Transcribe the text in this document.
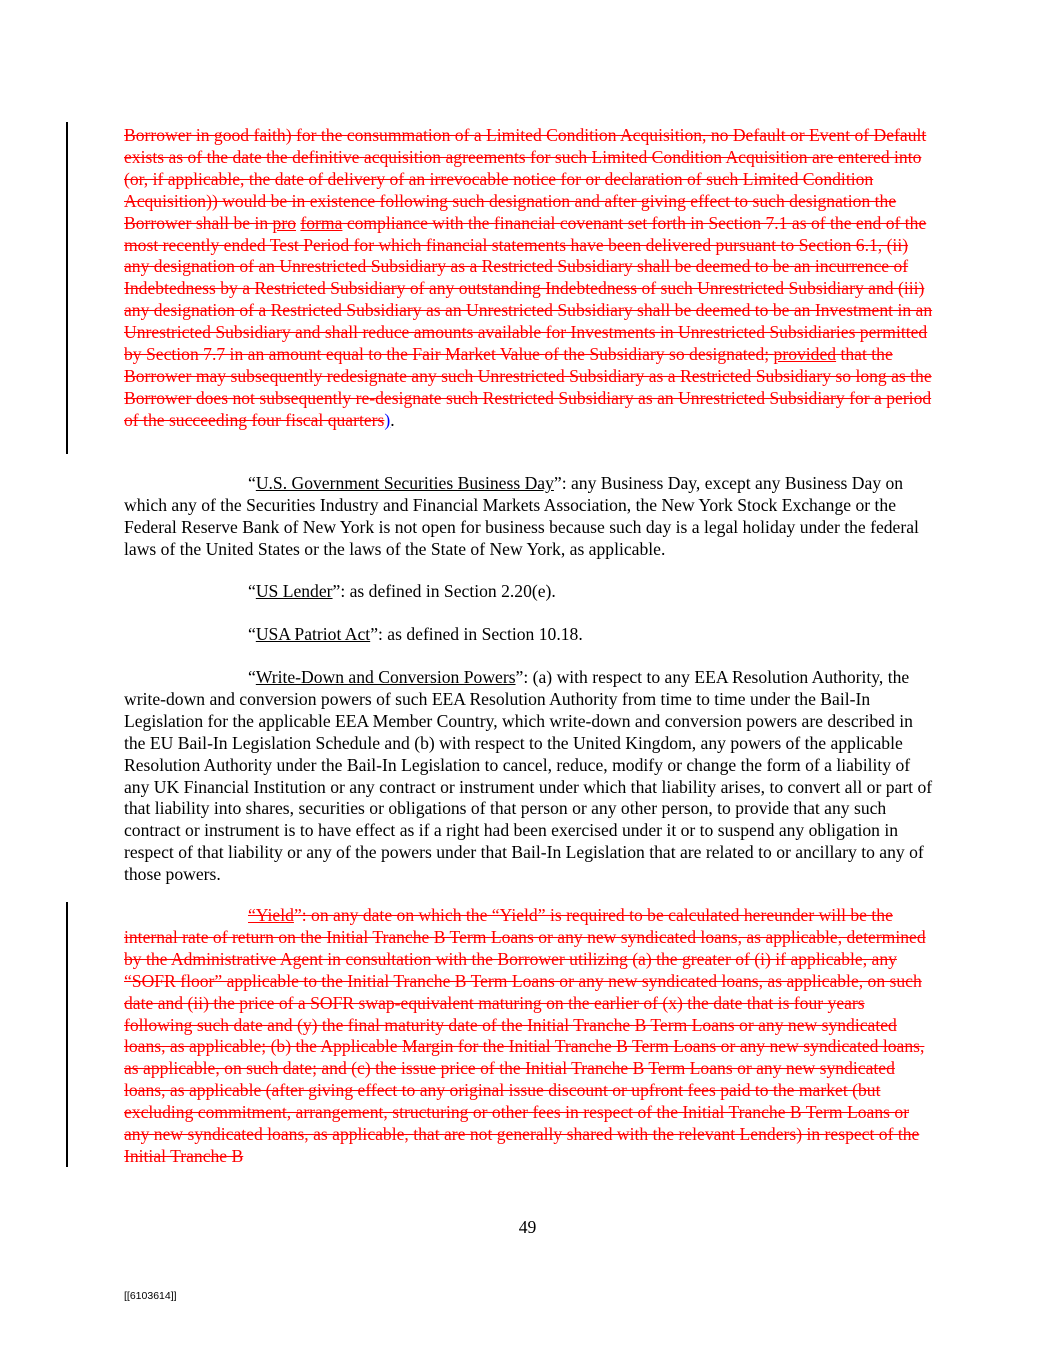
Borrower in good faith) for the consummation of a Limited Condition Acquisition, no Default or Event of Default exists as of the date the definitive acquisition agreements for such Limited Condition Acquisition are entered into (or, if applicable, the date of delivery of an irrevocable notice for or declaration of such Limited Condition Acquisition)) would be in existence following such designation and after giving effect to such designation the Borrower shall be in pro forma compliance with the financial covenant set forth in Section 7.1 as of the end of the most recently ended Test Period for which financial statements have been delivered pursuant to Section 6.1, (ii) any designation of an Unrestricted Subsidiary as a Restricted Subsidiary shall be deemed to be an incurrence of Indebtedness by a Restricted Subsidiary of any outstanding Indebtedness of such Unrestricted Subsidiary and (iii) any designation of a Restricted Subsidiary as an Unrestricted Subsidiary shall be deemed to be an Investment in an Unrestricted Subsidiary and shall reduce amounts available for Investments in Unrestricted Subsidiaries permitted by Section 7.7 in an amount equal to the Fair Market Value of the Subsidiary so designated; provided that the Borrower may subsequently redesignate any such Unrestricted Subsidiary as a Restricted Subsidiary so long as the Borrower does not subsequently re-designate such Restricted Subsidiary as an Unrestricted Subsidiary for a period of the succeeding four fiscal quarters).

“U.S. Government Securities Business Day”: any Business Day, except any Business Day on which any of the Securities Industry and Financial Markets Association, the New York Stock Exchange or the Federal Reserve Bank of New York is not open for business because such day is a legal holiday under the federal laws of the United States or the laws of the State of New York, as applicable.

“US Lender”: as defined in Section 2.20(e).

“USA Patriot Act”: as defined in Section 10.18.

“Write-Down and Conversion Powers”: (a) with respect to any EEA Resolution Authority, the write-down and conversion powers of such EEA Resolution Authority from time to time under the Bail-In Legislation for the applicable EEA Member Country, which write-down and conversion powers are described in the EU Bail-In Legislation Schedule and (b) with respect to the United Kingdom, any powers of the applicable Resolution Authority under the Bail-In Legislation to cancel, reduce, modify or change the form of a liability of any UK Financial Institution or any contract or instrument under which that liability arises, to convert all or part of that liability into shares, securities or obligations of that person or any other person, to provide that any such contract or instrument is to have effect as if a right had been exercised under it or to suspend any obligation in respect of that liability or any of the powers under that Bail-In Legislation that are related to or ancillary to any of those powers.

“Yield”: on any date on which the “Yield” is required to be calculated hereunder will be the internal rate of return on the Initial Tranche B Term Loans or any new syndicated loans, as applicable, determined by the Administrative Agent in consultation with the Borrower utilizing (a) the greater of (i) if applicable, any “SOFR floor” applicable to the Initial Tranche B Term Loans or any new syndicated loans, as applicable, on such date and (ii) the price of a SOFR swap-equivalent maturing on the earlier of (x) the date that is four years following such date and (y) the final maturity date of the Initial Tranche B Term Loans or any new syndicated loans, as applicable; (b) the Applicable Margin for the Initial Tranche B Term Loans or any new syndicated loans, as applicable, on such date; and (c) the issue price of the Initial Tranche B Term Loans or any new syndicated loans, as applicable (after giving effect to any original issue discount or upfront fees paid to the market (but excluding commitment, arrangement, structuring or other fees in respect of the Initial Tranche B Term Loans or any new syndicated loans, as applicable, that are not generally shared with the relevant Lenders) in respect of the Initial Tranche B

49
[[6103614]]
